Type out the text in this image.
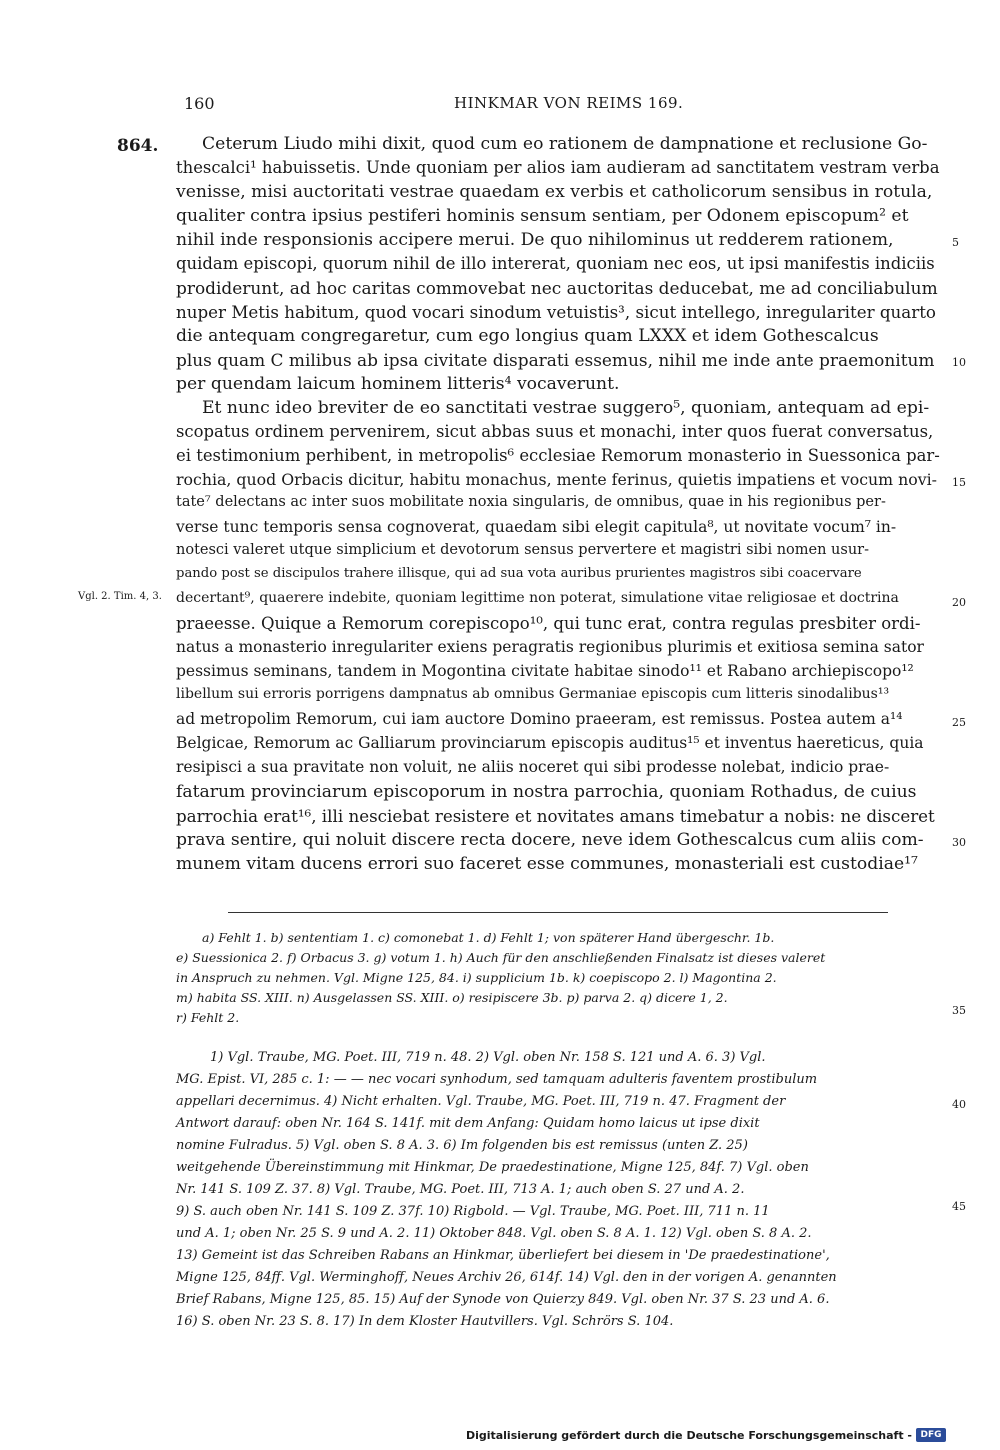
160	HINKMAR VON REIMS 169.
864.
Vgl. 2. Tim. 4, 3.
Ceterum Liudo mihi dixit, quod cum eo rationem de dampnatione et reclusione Go-
thescalci¹ habuissetis. Unde quoniam per alios iam audieram ad sanctitatem vestram verba
venisse, misi auctoritati vestrae quaedam ex verbis et catholicorum sensibus in rotula,
qualiter contra ipsius pestiferi hominis sensum sentiam, per Odonem episcopum² et
nihil inde responsionis accipere merui. De quo nihilominus ut redderem rationem,
quidam episcopi, quorum nihil de illo intererat, quoniam nec eos, ut ipsi manifestis indiciis
prodiderunt, ad hoc caritas commovebat nec auctoritas deducebat, me ad conciliabulum
nuper Metis habitum, quod vocari sinodum vetuistis³, sicut intellego, inregulariter quarto
die antequam congregaretur, cum ego longius quam LXXX et idem Gothescalcus
plus quam C milibus ab ipsa civitate disparati essemus, nihil me inde ante praemonitum
per quendam laicum hominem litteris⁴ vocaverunt.
Et nunc ideo breviter de eo sanctitati vestrae suggero⁵, quoniam, antequam ad epi-
scopatus ordinem pervenirem, sicut abbas suus et monachi, inter quos fuerat conversatus,
ei testimonium perhibent, in metropolis⁶ ecclesiae Remorum monasterio in Suessonica par-
rochia, quod Orbacis dicitur, habitu monachus, mente ferinus, quietis impatiens et vocum novi-
tate⁷ delectans ac inter suos mobilitate noxia singularis, de omnibus, quae in his regionibus per-
verse tunc temporis sensa cognoverat, quaedam sibi elegit capitula⁸, ut novitate vocum⁷ in-
notesci valeret utque simplicium et devotorum sensus pervertere et magistri sibi nomen usur-
pando post se discipulos trahere illisque, qui ad sua vota auribus prurientes magistros sibi coacervare
decertant⁹, quaerere indebite, quoniam legittime non poterat, simulatione vitae religiosae et doctrina
praeesse. Quique a Remorum corepiscopo¹⁰, qui tunc erat, contra regulas presbiter ordi-
natus a monasterio inregulariter exiens peragratis regionibus plurimis et exitiosa semina sator
pessimus seminans, tandem in Mogontina civitate habitae sinodo¹¹ et Rabano archiepiscopo¹²
libellum sui erroris porrigens dampnatus ab omnibus Germaniae episcopis cum litteris sinodalibus¹³
ad metropolim Remorum, cui iam auctore Domino praeeram, est remissus. Postea autem a¹⁴
Belgicae, Remorum ac Galliarum provinciarum episcopis auditus¹⁵ et inventus haereticus, quia
resipisci a sua pravitate non voluit, ne aliis noceret qui sibi prodesse nolebat, indicio prae-
fatarum provinciarum episcoporum in nostra parrochia, quoniam Rothadus, de cuius
parrochia erat¹⁶, illi nesciebat resistere et novitates amans timebatur a nobis: ne disceret
prava sentire, qui noluit discere recta docere, neve idem Gothescalcus cum aliis com-
munem vitam ducens errori suo faceret esse communes, monasteriali est custodiae¹⁷
5
10
15
20
25
30
35
40
45
a) Fehlt 1. b) sententiam 1. c) comonebat 1. d) Fehlt 1; von späterer Hand übergeschr. 1b.
e) Suessionica 2. f) Orbacus 3. g) votum 1. h) Auch für den anschließenden Finalsatz ist dieses valeret
in Anspruch zu nehmen. Vgl. Migne 125, 84. i) supplicium 1b. k) coepiscopo 2. l) Magontina 2.
m) habita SS. XIII. n) Ausgelassen SS. XIII. o) resipiscere 3b. p) parva 2. q) dicere 1, 2.
r) Fehlt 2.
1) Vgl. Traube, MG. Poet. III, 719 n. 48. 2) Vgl. oben Nr. 158 S. 121 und A. 6. 3) Vgl.
MG. Epist. VI, 285 c. 1: — — nec vocari synhodum, sed tamquam adulteris faventem prostibulum
appellari decernimus. 4) Nicht erhalten. Vgl. Traube, MG. Poet. III, 719 n. 47. Fragment der
Antwort darauf: oben Nr. 164 S. 141f. mit dem Anfang: Quidam homo laicus ut ipse dixit
nomine Fulradus. 5) Vgl. oben S. 8 A. 3. 6) Im folgenden bis est remissus (unten Z. 25)
weitgehende Übereinstimmung mit Hinkmar, De praedestinatione, Migne 125, 84f. 7) Vgl. oben
Nr. 141 S. 109 Z. 37. 8) Vgl. Traube, MG. Poet. III, 713 A. 1; auch oben S. 27 und A. 2.
9) S. auch oben Nr. 141 S. 109 Z. 37f. 10) Rigbold. — Vgl. Traube, MG. Poet. III, 711 n. 11
und A. 1; oben Nr. 25 S. 9 und A. 2. 11) Oktober 848. Vgl. oben S. 8 A. 1. 12) Vgl. oben S. 8 A. 2.
13) Gemeint ist das Schreiben Rabans an Hinkmar, überliefert bei diesem in 'De praedestinatione',
Migne 125, 84ff. Vgl. Werminghoff, Neues Archiv 26, 614f. 14) Vgl. den in der vorigen A. genannten
Brief Rabans, Migne 125, 85. 15) Auf der Synode von Quierzy 849. Vgl. oben Nr. 37 S. 23 und A. 6.
16) S. oben Nr. 23 S. 8. 17) In dem Kloster Hautvillers. Vgl. Schrörs S. 104.
Digitalisierung gefördert durch die Deutsche Forschungsgemeinschaft - DFG
